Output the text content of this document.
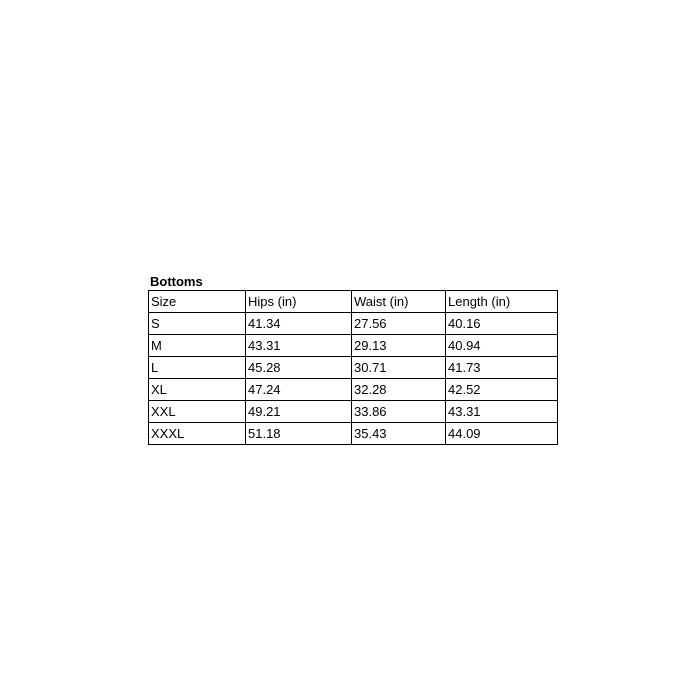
Bottoms
Size	Hips (in)	Waist (in)	Length (in)
S	41.34	27.56	40.16
M	43.31	29.13	40.94
L	45.28	30.71	41.73
XL	47.24	32.28	42.52
XXL	49.21	33.86	43.31
XXXL	51.18	35.43	44.09
